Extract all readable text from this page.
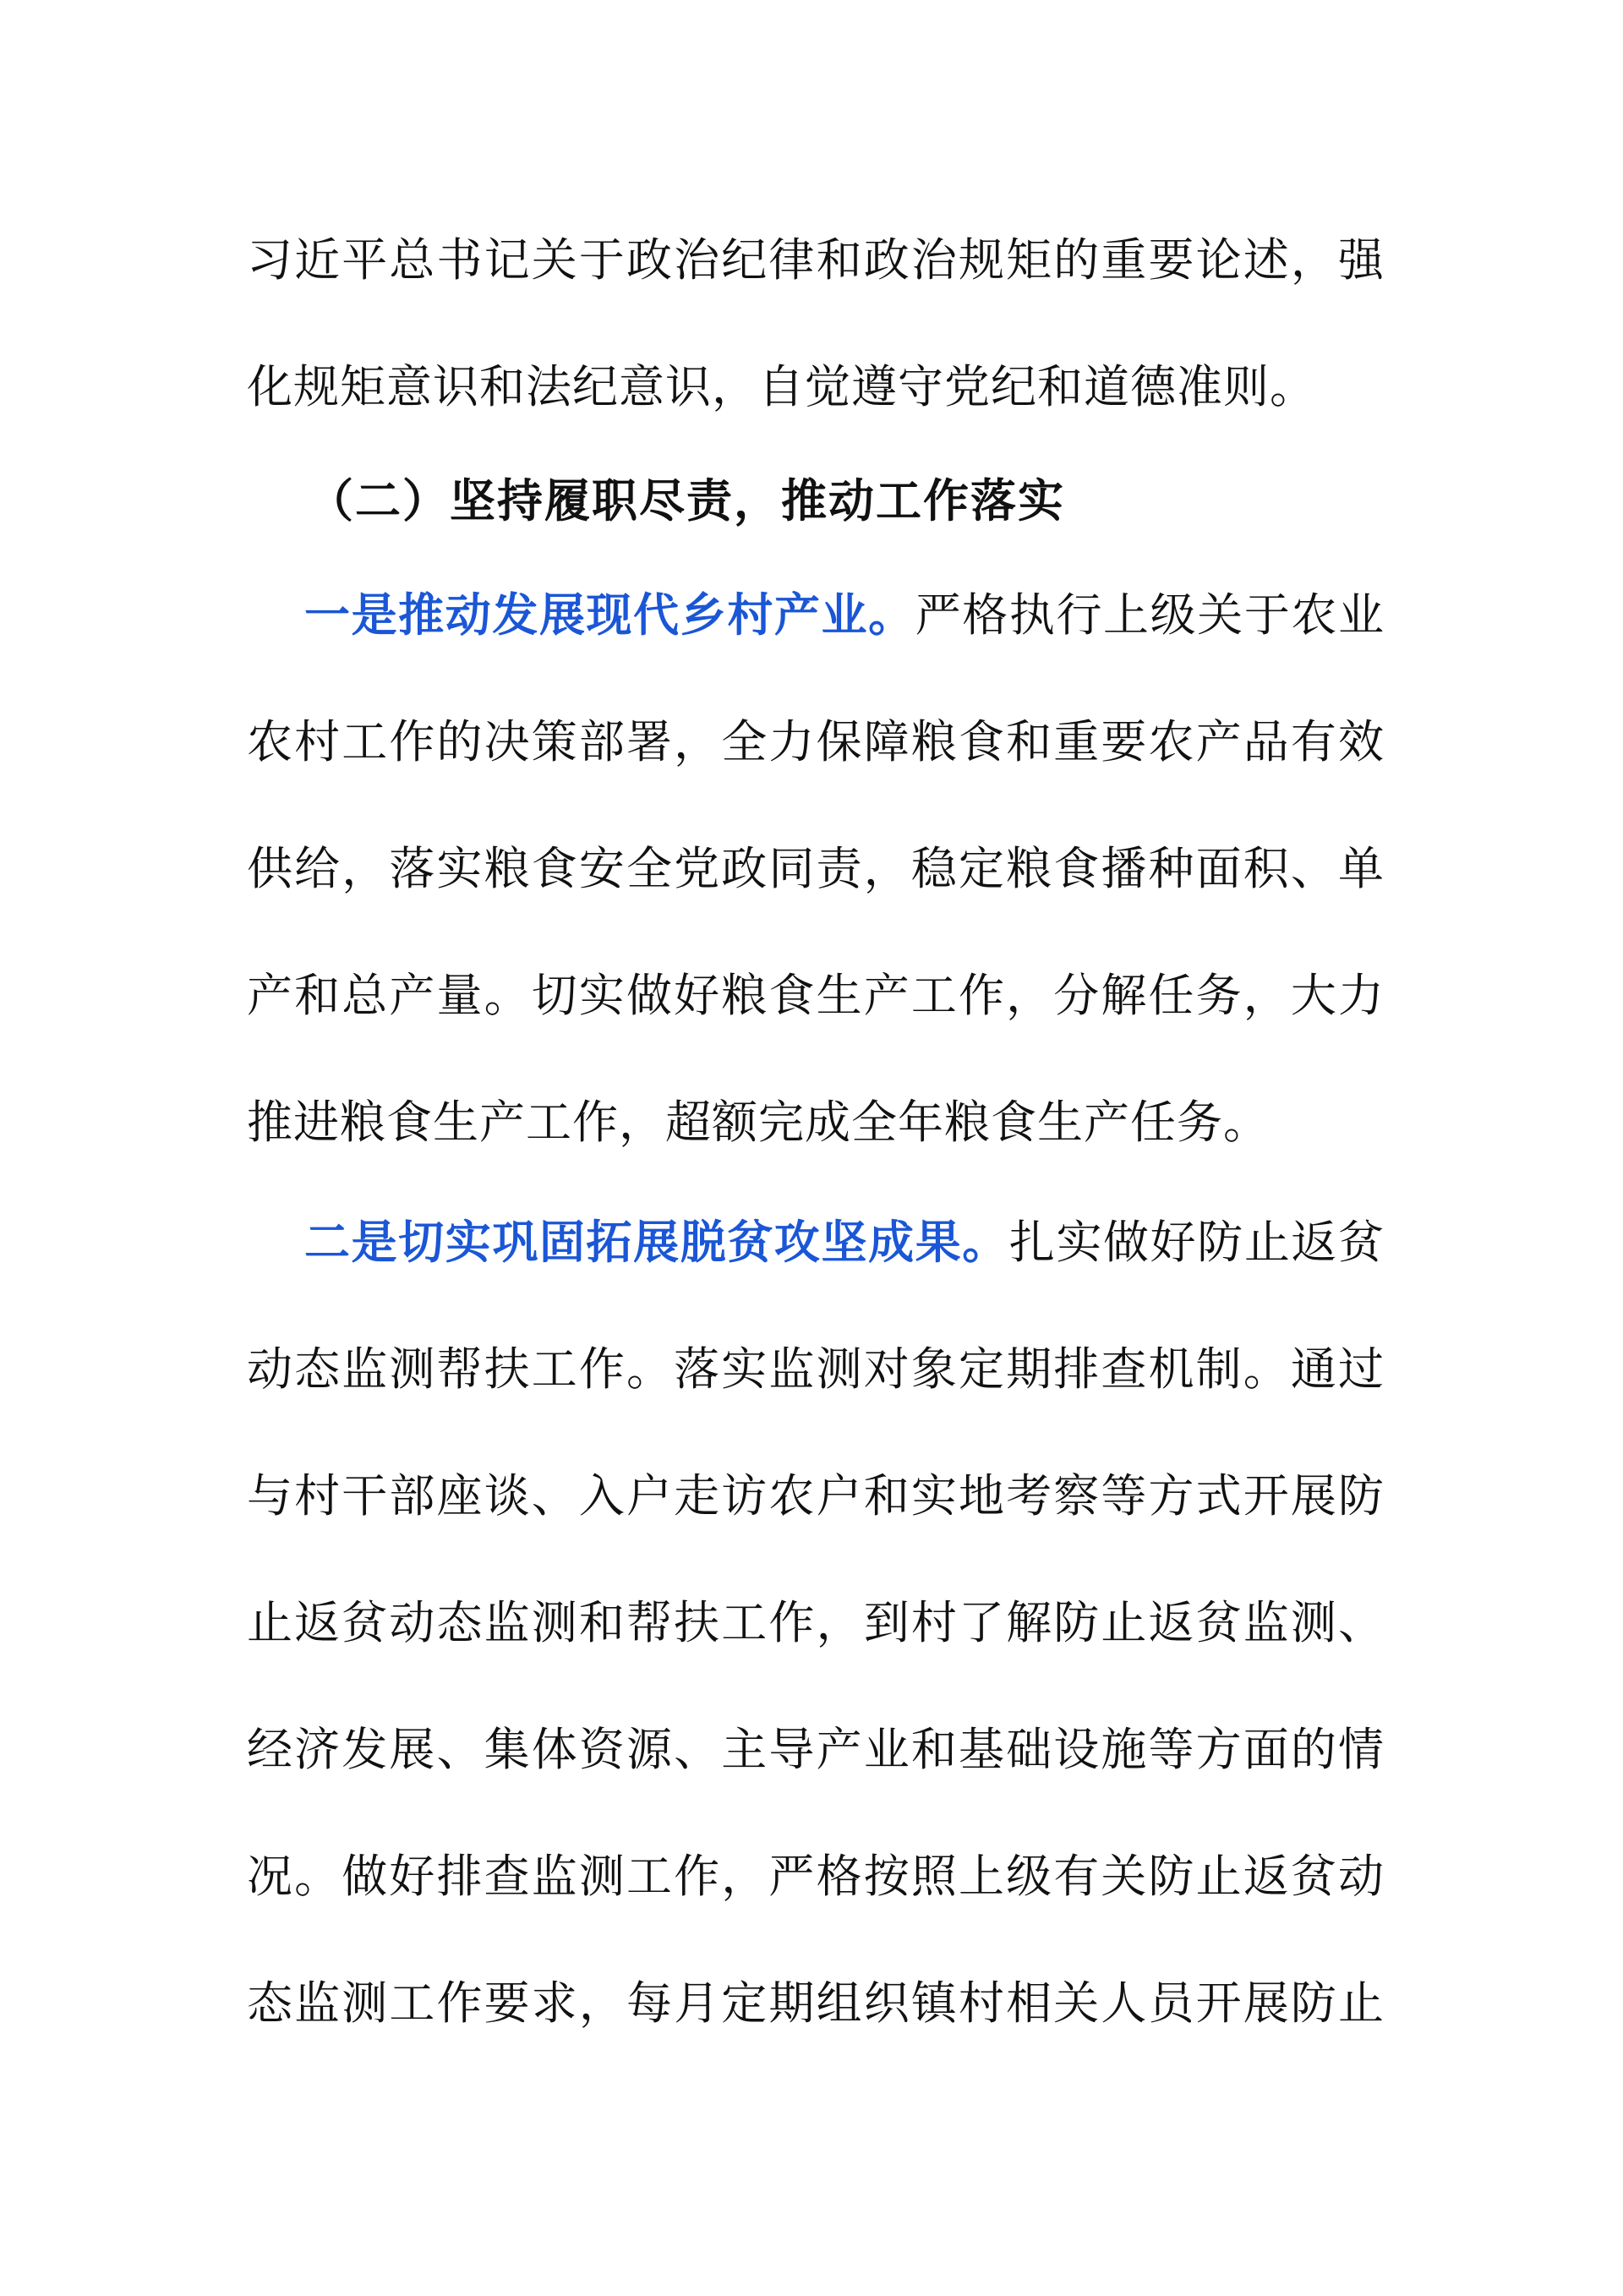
习近平总书记关于政治纪律和政治规矩的重要论述，强
化规矩意识和法纪意识，自觉遵守党纪和道德准则。
（二）坚持履职尽责，推动工作落实
一是推动发展现代乡村产业。严格执行上级关于农业
农村工作的决策部署，全力保障粮食和重要农产品有效
供给，落实粮食安全党政同责，稳定粮食播种面积、单
产和总产量。切实做好粮食生产工作，分解任务，大力
推进粮食生产工作，超额完成全年粮食生产任务。
二是切实巩固拓展脱贫攻坚成果。扎实做好防止返贫
动态监测帮扶工作。落实监测对象定期排查机制。通过
与村干部座谈、入户走访农户和实地考察等方式开展防
止返贫动态监测和帮扶工作，到村了解防止返贫监测、
经济发展、集体资源、主导产业和基础设施等方面的情
况。做好排查监测工作，严格按照上级有关防止返贫动
态监测工作要求，每月定期组织镇村相关人员开展防止
